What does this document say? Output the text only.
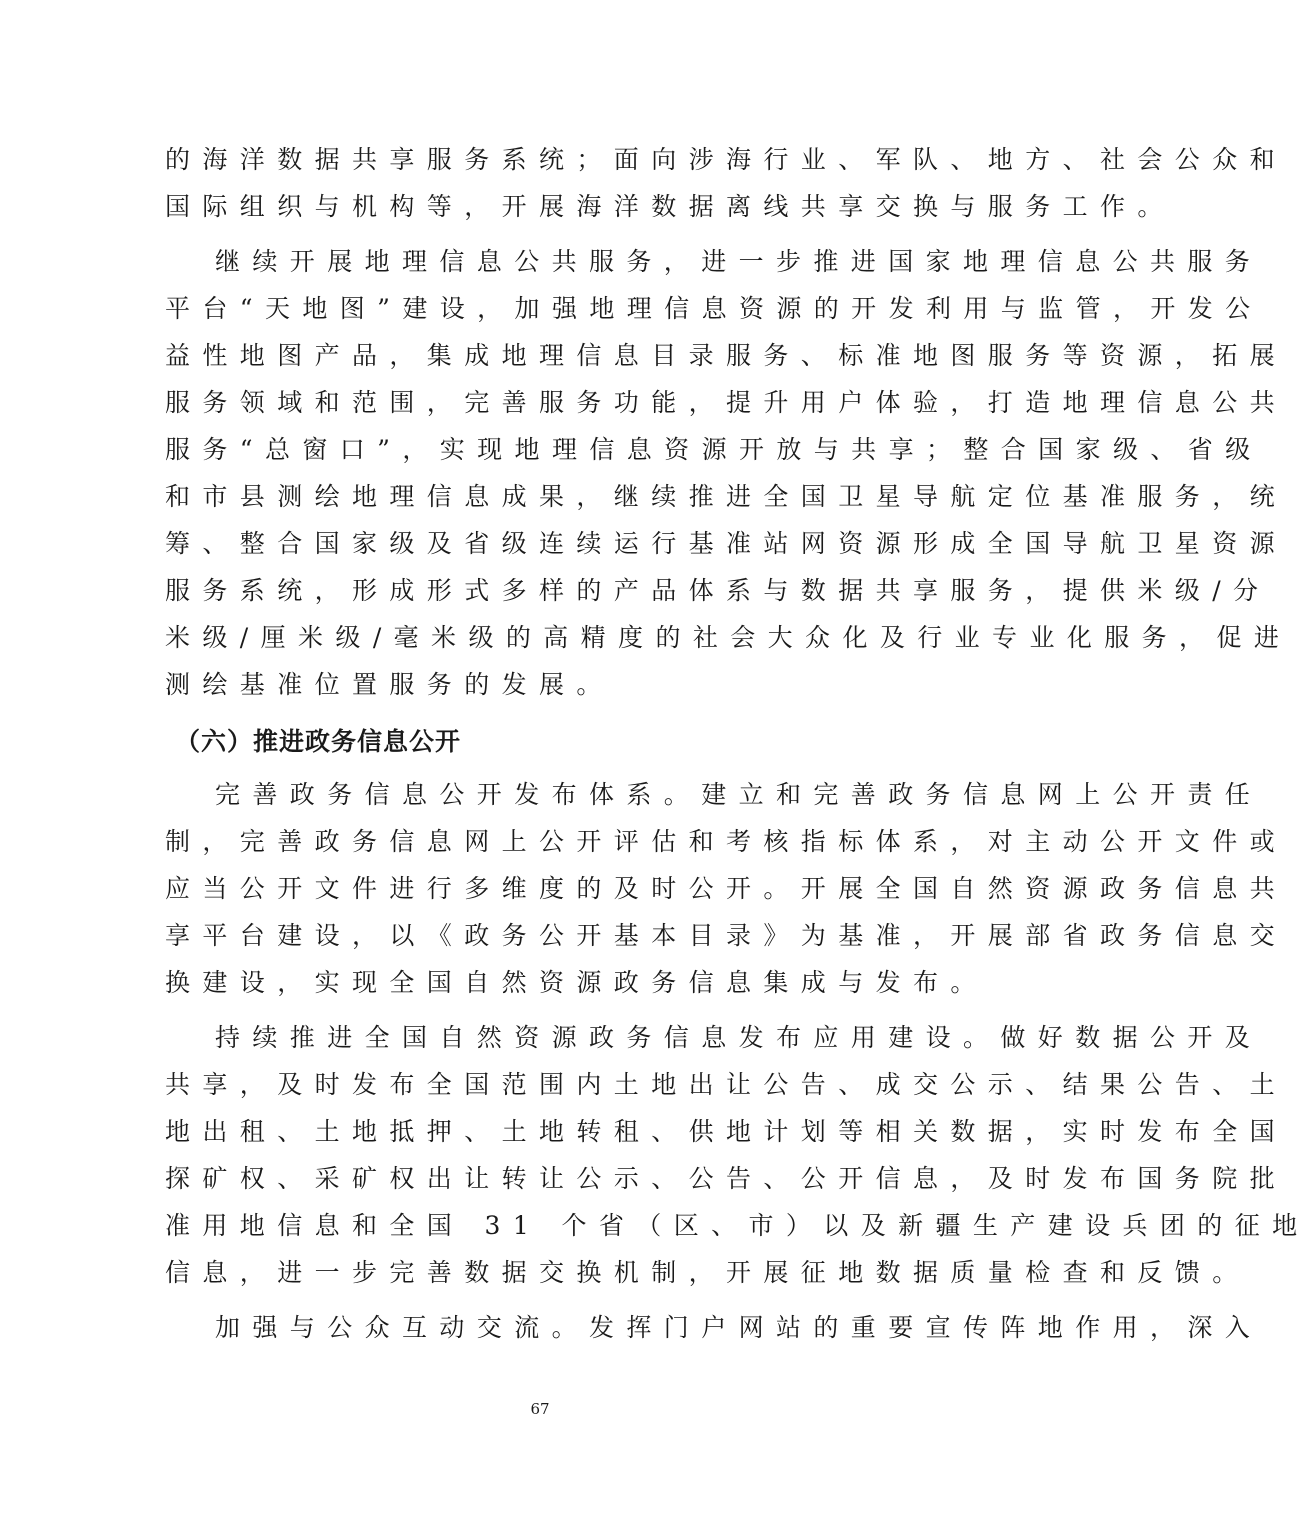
的海洋数据共享服务系统；面向涉海行业、军队、地方、社会公众和
国际组织与机构等，开展海洋数据离线共享交换与服务工作。
继续开展地理信息公共服务，进一步推进国家地理信息公共服务
平台“天地图”建设，加强地理信息资源的开发利用与监管，开发公
益性地图产品，集成地理信息目录服务、标准地图服务等资源，拓展
服务领域和范围，完善服务功能，提升用户体验，打造地理信息公共
服务“总窗口”，实现地理信息资源开放与共享；整合国家级、省级
和市县测绘地理信息成果，继续推进全国卫星导航定位基准服务，统
筹、整合国家级及省级连续运行基准站网资源形成全国导航卫星资源
服务系统，形成形式多样的产品体系与数据共享服务，提供米级/分
米级/厘米级/毫米级的高精度的社会大众化及行业专业化服务，促进
测绘基准位置服务的发展。
（六）推进政务信息公开
完善政务信息公开发布体系。建立和完善政务信息网上公开责任
制，完善政务信息网上公开评估和考核指标体系，对主动公开文件或
应当公开文件进行多维度的及时公开。开展全国自然资源政务信息共
享平台建设，以《政务公开基本目录》为基准，开展部省政务信息交
换建设，实现全国自然资源政务信息集成与发布。
持续推进全国自然资源政务信息发布应用建设。做好数据公开及
共享，及时发布全国范围内土地出让公告、成交公示、结果公告、土
地出租、土地抵押、土地转租、供地计划等相关数据，实时发布全国
探矿权、采矿权出让转让公示、公告、公开信息，及时发布国务院批
准用地信息和全国 31 个省（区、市）以及新疆生产建设兵团的征地
信息，进一步完善数据交换机制，开展征地数据质量检查和反馈。
加强与公众互动交流。发挥门户网站的重要宣传阵地作用，深入
67
